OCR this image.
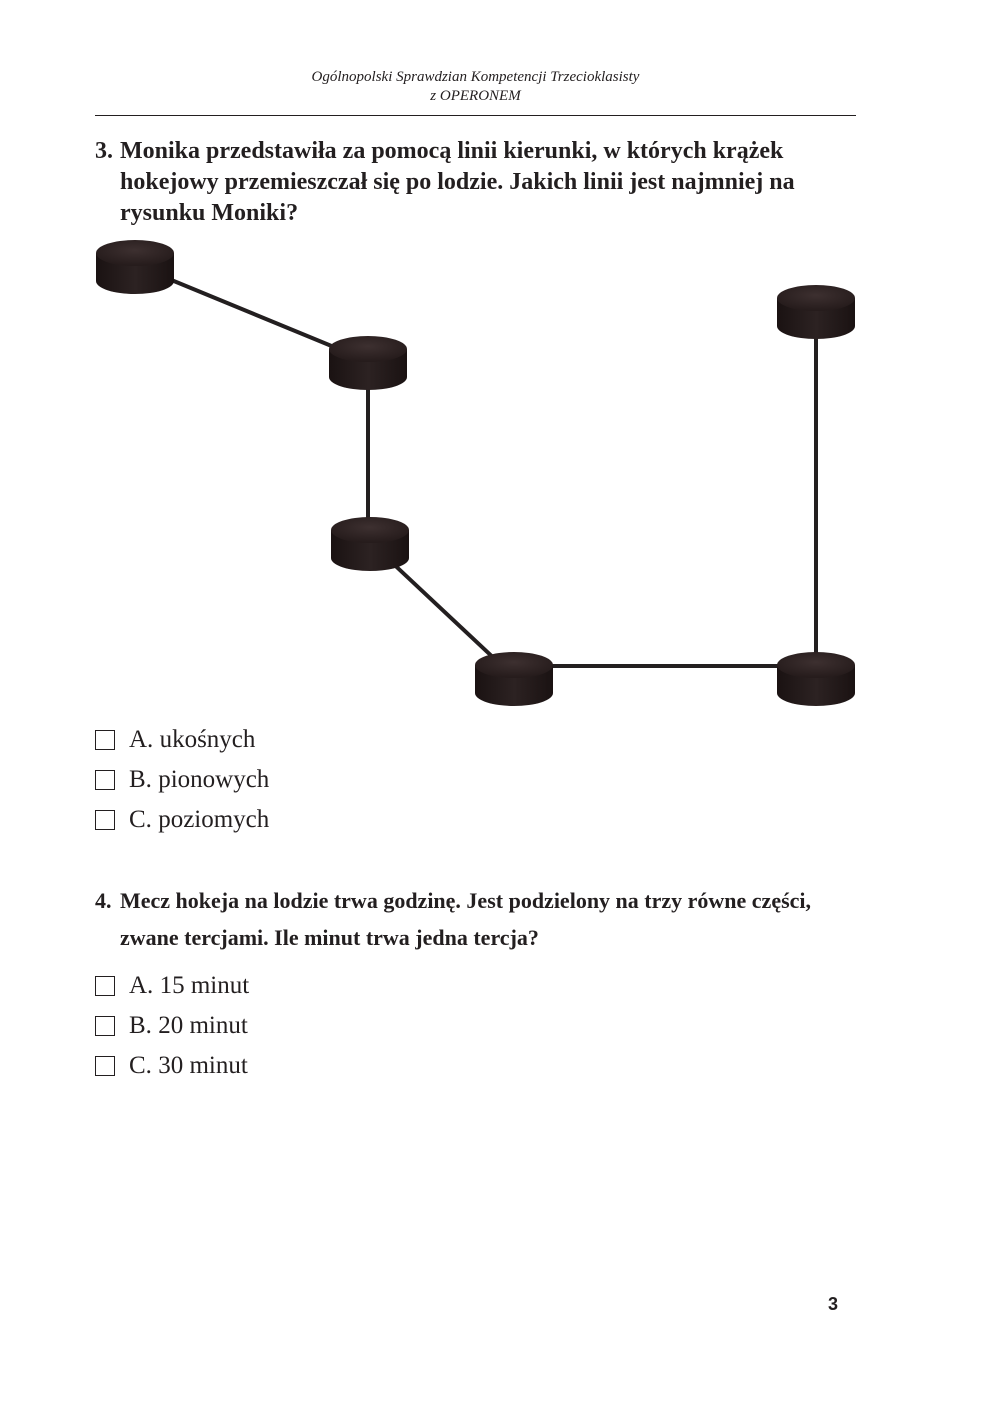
Ogólnopolski Sprawdzian Kompetencji Trzecioklasisty
z OPERONEM
3. Monika przedstawiła za pomocą linii kierunki, w których krążek hokejowy przemieszczał się po lodzie. Jakich linii jest najmniej na rysunku Moniki?
A.
ukośnych
B.
pionowych
C.
poziomych
4. Mecz hokeja na lodzie trwa godzinę. Jest podzielony na trzy równe części, zwane tercjami. Ile minut trwa jedna tercja?
A.
15 minut
B.
20 minut
C.
30 minut
3
